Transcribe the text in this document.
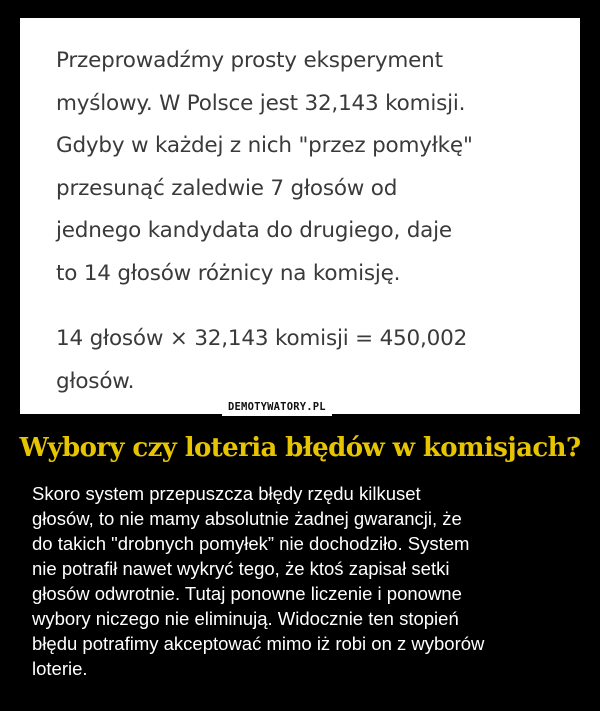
Przeprowadźmy prosty eksperyment
myślowy. W Polsce jest 32,143 komisji.
Gdyby w każdej z nich "przez pomyłkę"
przesunąć zaledwie 7 głosów od
jednego kandydata do drugiego, daje
to 14 głosów różnicy na komisję.

14 głosów × 32,143 komisji = 450,002
głosów.

DEMOTYWATORY.PL
Wybory czy loteria błędów w komisjach?
Skoro system przepuszcza błędy rzędu kilkuset
głosów, to nie mamy absolutnie żadnej gwarancji, że
do takich "drobnych pomyłek” nie dochodziło. System
nie potrafił nawet wykryć tego, że ktoś zapisał setki
głosów odwrotnie. Tutaj ponowne liczenie i ponowne
wybory niczego nie eliminują. Widocznie ten stopień
błędu potrafimy akceptować mimo iż robi on z wyborów
loterie.
